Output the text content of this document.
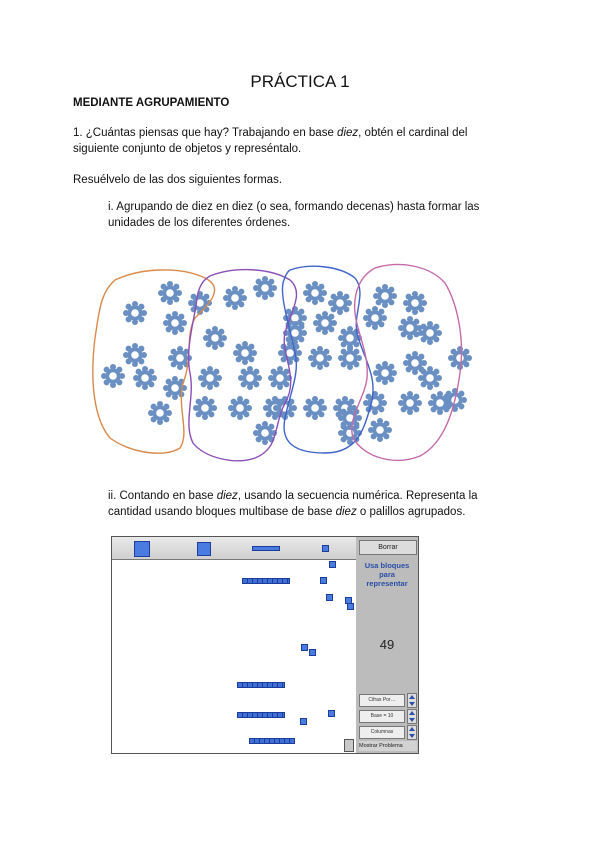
PRÁCTICA 1
MEDIANTE AGRUPAMIENTO
1. ¿Cuántas piensas que hay? Trabajando en base diez, obtén el cardinal del siguiente conjunto de objetos y represéntalo.
Resuélvelo de las dos siguientes formas.
i. Agrupando de diez en diez (o sea, formando decenas) hasta formar las unidades de los diferentes órdenes.
ii. Contando en base diez, usando la secuencia numérica. Representa la cantidad usando bloques multibase de base diez o palillos agrupados.
Borrar
Usa bloques para representar
49
Cifras Por…
Base = 10
Columnas
Mostrar Problema
